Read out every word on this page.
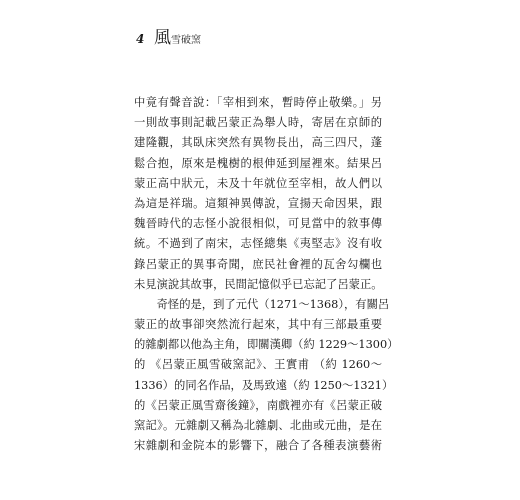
4 風雪破窯
中竟有聲音說：「宰相到來，暫時停止敬樂。」另
一則故事則記載呂蒙正為舉人時，寄居在京師的
建隆觀，其臥床突然有異物長出，高三四尺，蓬
鬆合抱，原來是槐樹的根伸延到屋裡來。結果呂
蒙正高中狀元，未及十年就位至宰相，故人們以
為這是祥瑞。這類神異傳說，宣揚天命因果，跟
魏晉時代的志怪小說很相似，可見當中的敘事傳
統。不過到了南宋，志怪總集《夷堅志》沒有收
錄呂蒙正的異事奇聞，庶民社會裡的瓦舍勾欄也
未見演說其故事，民間記憶似乎已忘記了呂蒙正。
　　奇怪的是，到了元代（1271～1368），有關呂
蒙正的故事卻突然流行起來，其中有三部最重要
的雜劇都以他為主角，即關漢卿（約 1229～1300）
的 《呂蒙正風雪破窯記》、王實甫 （約 1260～
1336）的同名作品，及馬致遠（約 1250～1321）
的《呂蒙正風雪齋後鐘》，南戲裡亦有《呂蒙正破
窯記》。元雜劇又稱為北雜劇、北曲或元曲，是在
宋雜劇和金院本的影響下，融合了各種表演藝術
